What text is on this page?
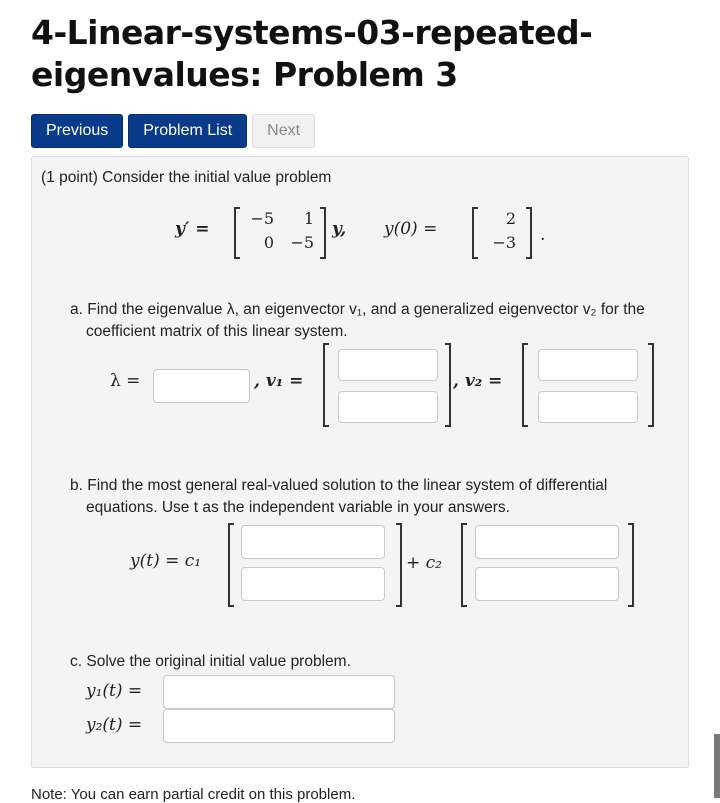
4-Linear-systems-03-repeated-eigenvalues: Problem 3
Previous	Problem List	Next
(1 point) Consider the initial value problem
y′ =
−5	1
0 −5
y, y(0) =
2
−3 .
a. Find the eigenvalue λ, an eigenvector v₁, and a generalized eigenvector v₂ for the
coefficient matrix of this linear system.
λ =	, v₁ =	, v₂ =
b. Find the most general real-valued solution to the linear system of differential
equations. Use t as the independent variable in your answers.
y(t) = c₁	+ c₂
c. Solve the original initial value problem.
y₁(t) =
y₂(t) =
Note: You can earn partial credit on this problem.
